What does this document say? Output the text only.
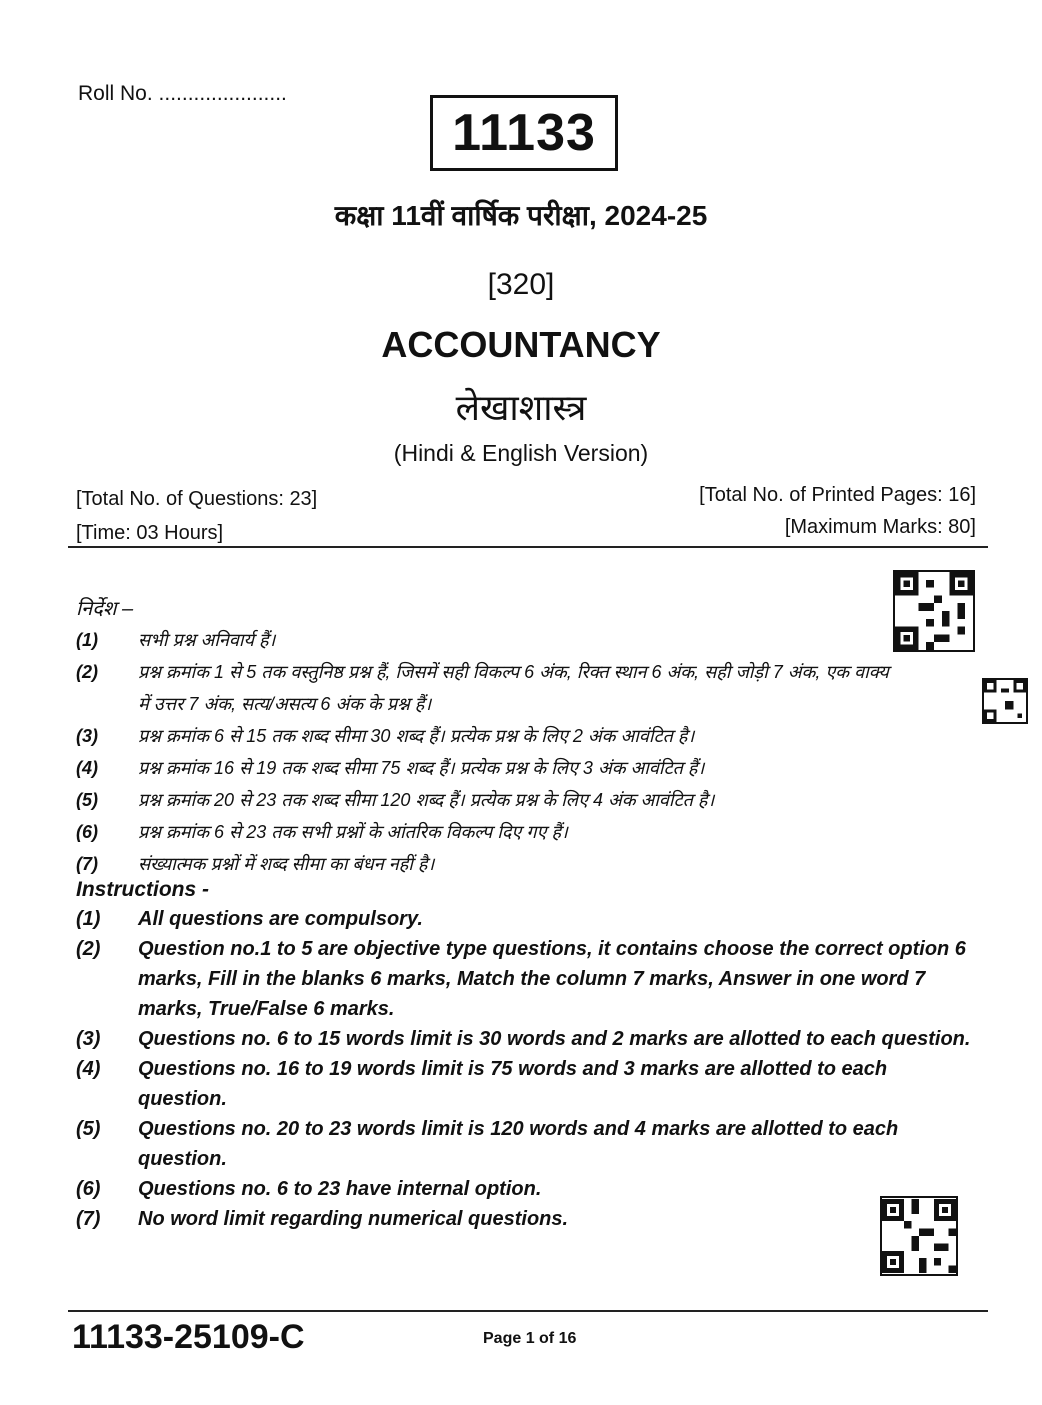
Roll No. ......................
11133
कक्षा 11वीं वार्षिक परीक्षा, 2024-25
[320]
ACCOUNTANCY
लेखाशास्त्र
(Hindi & English Version)
[Total No. of Questions: 23]
[Time: 03 Hours]
[Total No. of Printed Pages: 16]
[Maximum Marks: 80]
निर्देश –
(1)	सभी प्रश्न अनिवार्य हैं।
(2)	प्रश्न क्रमांक 1 से 5 तक वस्तुनिष्ठ प्रश्न हैं, जिसमें सही विकल्प 6 अंक, रिक्त स्थान 6 अंक, सही जोड़ी 7 अंक, एक वाक्य में उत्तर 7 अंक, सत्य/असत्य 6 अंक के प्रश्न हैं।
(3)	प्रश्न क्रमांक 6 से 15 तक शब्द सीमा 30 शब्द हैं। प्रत्येक प्रश्न के लिए 2 अंक आवंटित है।
(4)	प्रश्न क्रमांक 16 से 19 तक शब्द सीमा 75 शब्द हैं। प्रत्येक प्रश्न के लिए 3 अंक आवंटित हैं।
(5)	प्रश्न क्रमांक 20 से 23 तक शब्द सीमा 120 शब्द हैं। प्रत्येक प्रश्न के लिए 4 अंक आवंटित है।
(6)	प्रश्न क्रमांक 6 से 23 तक सभी प्रश्नों के आंतरिक विकल्प दिए गए हैं।
(7)	संख्यात्मक प्रश्नों में शब्द सीमा का बंधन नहीं है।
Instructions -
(1)	All questions are compulsory.
(2)	Question no.1 to 5 are objective type questions, it contains choose the correct option 6 marks, Fill in the blanks 6 marks, Match the column 7 marks, Answer in one word 7 marks, True/False 6 marks.
(3)	Questions no. 6 to 15 words limit is 30 words and 2 marks are allotted to each question.
(4)	Questions no. 16 to 19 words limit is 75 words and 3 marks are allotted to each question.
(5)	Questions no. 20 to 23 words limit is 120 words and 4 marks are allotted to each question.
(6)	Questions no. 6 to 23 have internal option.
(7)	No word limit regarding numerical questions.
11133-25109-C	Page 1 of 16
